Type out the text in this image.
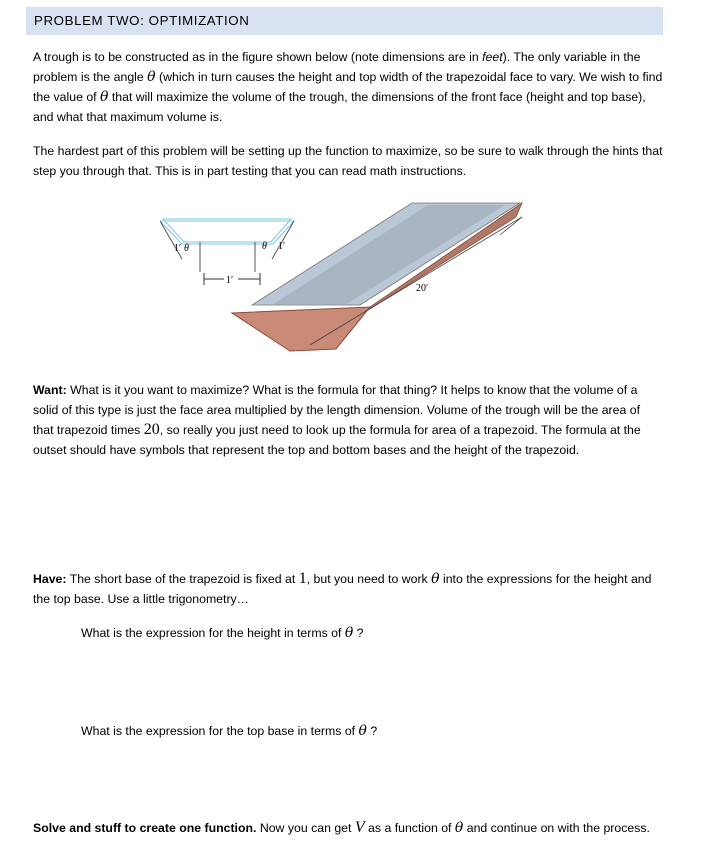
PROBLEM TWO: OPTIMIZATION

A trough is to be constructed as in the figure shown below (note dimensions are in feet). The only variable in the problem is the angle θ (which in turn causes the height and top width of the trapezoidal face to vary. We wish to find the value of θ that will maximize the volume of the trough, the dimensions of the front face (height and top base), and what that maximum volume is.

The hardest part of this problem will be setting up the function to maximize, so be sure to walk through the hints that step you through that. This is in part testing that you can read math instructions.

1′ θ	θ 1′
1′
20′

Want: What is it you want to maximize? What is the formula for that thing? It helps to know that the volume of a solid of this type is just the face area multiplied by the length dimension. Volume of the trough will be the area of that trapezoid times 20, so really you just need to look up the formula for area of a trapezoid. The formula at the outset should have symbols that represent the top and bottom bases and the height of the trapezoid.

Have: The short base of the trapezoid is fixed at 1, but you need to work θ into the expressions for the height and the top base. Use a little trigonometry…

What is the expression for the height in terms of θ ?

What is the expression for the top base in terms of θ ?

Solve and stuff to create one function. Now you can get V as a function of θ and continue on with the process.
